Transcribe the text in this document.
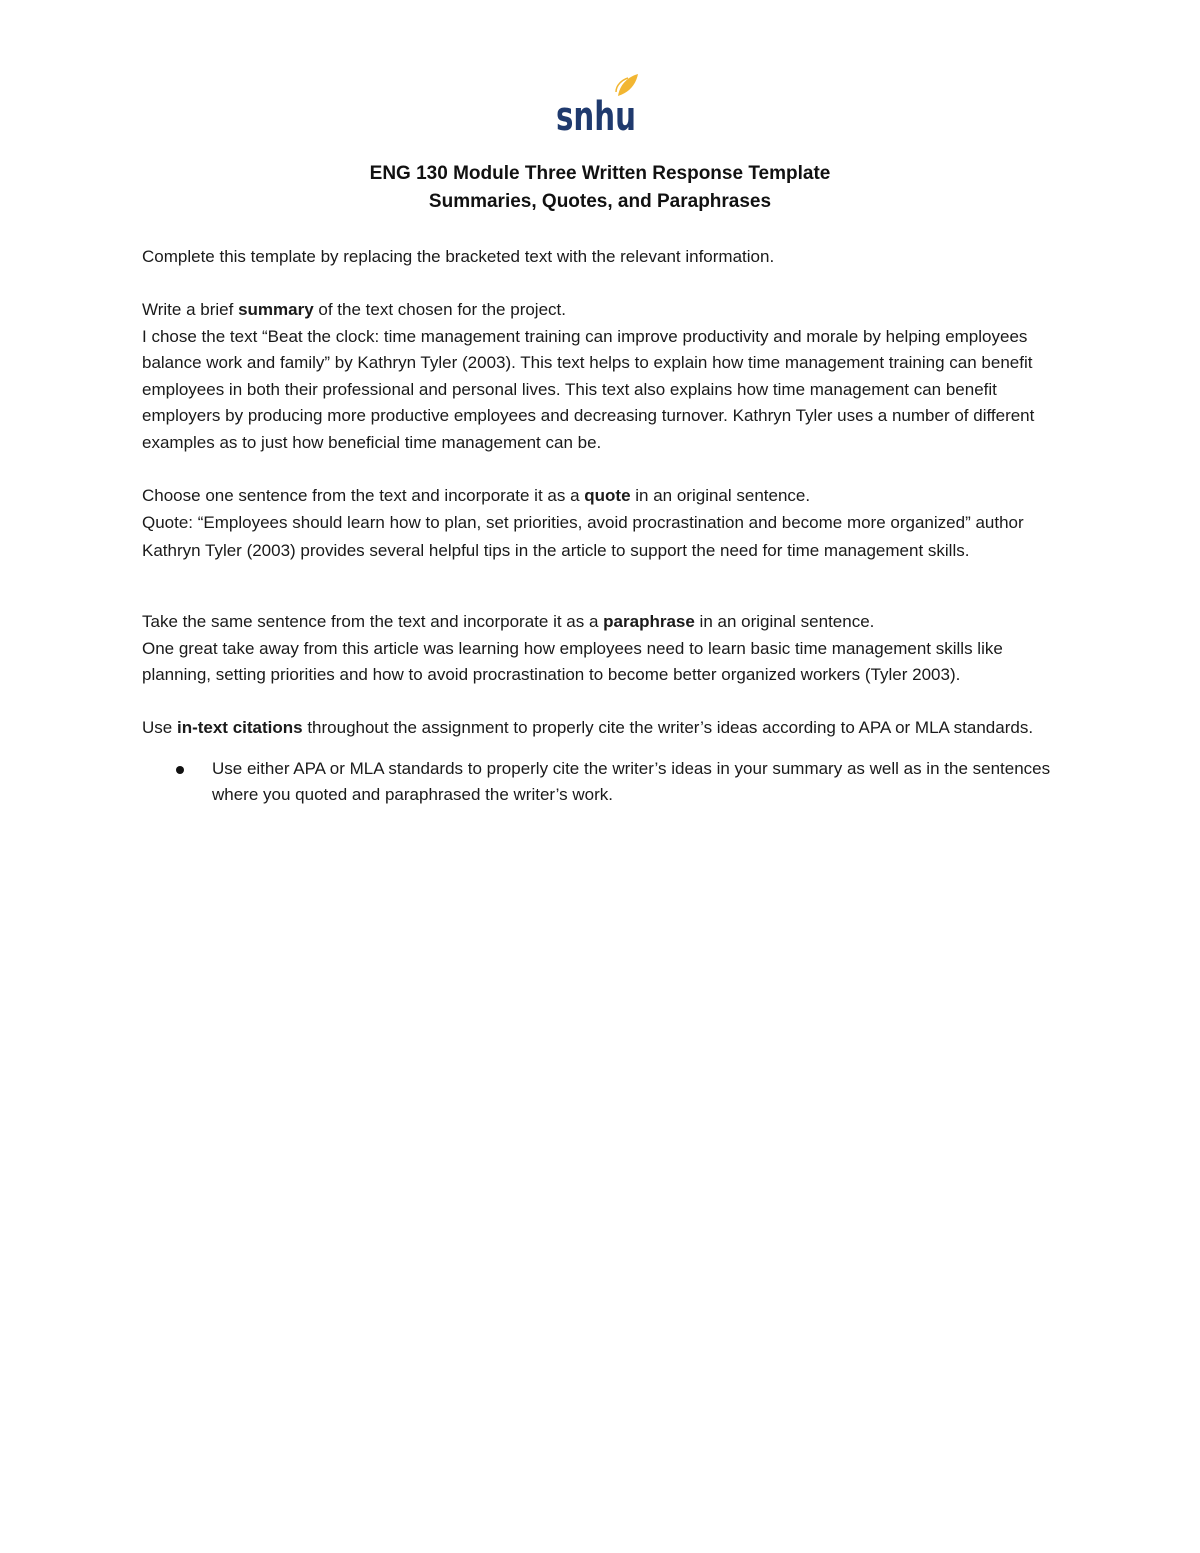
snhu
ENG 130 Module Three Written Response Template
Summaries, Quotes, and Paraphrases

Complete this template by replacing the bracketed text with the relevant information.

Write a brief summary of the text chosen for the project.

I chose the text “Beat the clock: time management training can improve productivity and morale by helping employees balance work and family” by Kathryn Tyler (2003). This text helps to explain how time management training can benefit employees in both their professional and personal lives. This text also explains how time management can benefit employers by producing more productive employees and decreasing turnover. Kathryn Tyler uses a number of different examples as to just how beneficial time management can be.

Choose one sentence from the text and incorporate it as a quote in an original sentence.

Quote: “Employees should learn how to plan, set priorities, avoid procrastination and become more organized” author Kathryn Tyler (2003) provides several helpful tips in the article to support the need for time management skills.

Take the same sentence from the text and incorporate it as a paraphrase in an original sentence.

One great take away from this article was learning how employees need to learn basic time management skills like planning, setting priorities and how to avoid procrastination to become better organized workers (Tyler 2003).

Use in-text citations throughout the assignment to properly cite the writer’s ideas according to APA or MLA standards.

Use either APA or MLA standards to properly cite the writer’s ideas in your summary as well as in the sentences where you quoted and paraphrased the writer’s work.
